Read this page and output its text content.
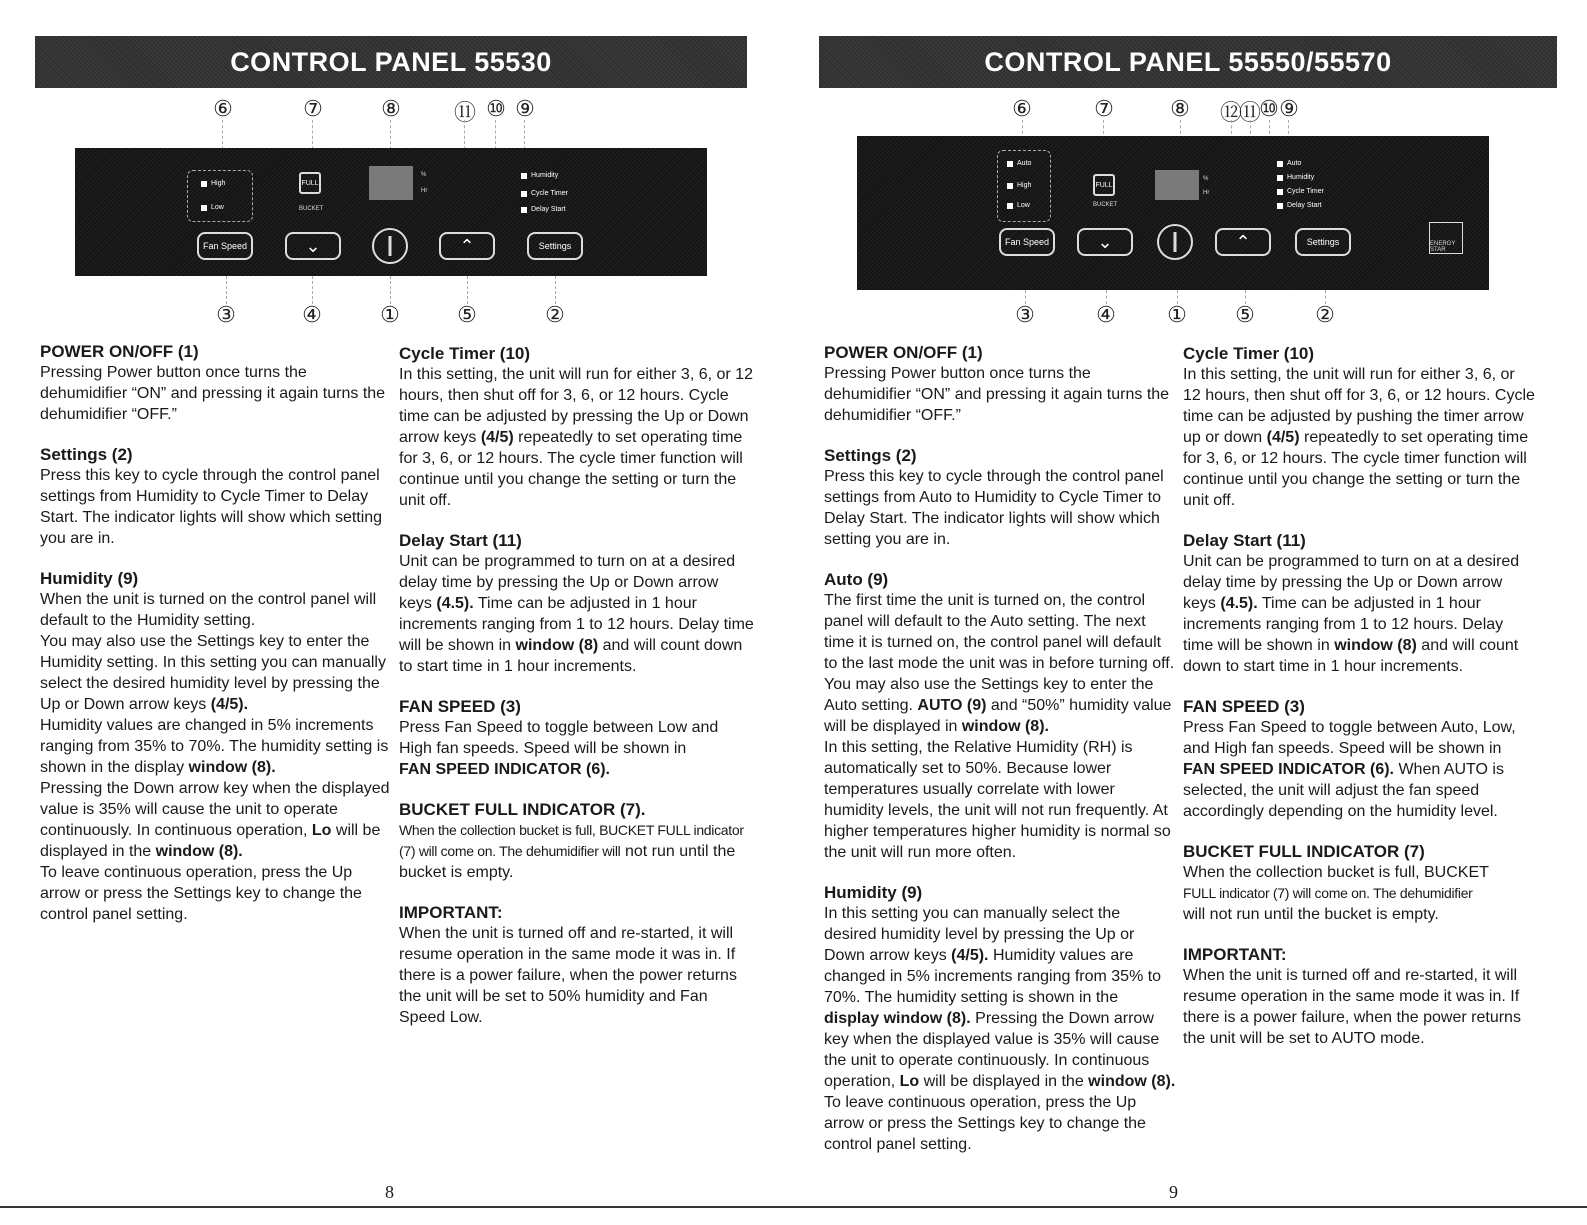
CONTROL PANEL 55530
⑥	⑦	⑧ ⑪ ⑩ ⑨
High
Low
FULL
BUCKET
%
Hr
Humidity
Cycle Timer
Delay Start
Fan Speed	⌄	⌃	Settings
③	④	①	⑤	②
POWER ON/OFF (1)

Pressing Power button once turns the dehumidifier “ON” and pressing it again turns the dehumidifier “OFF.”

Settings (2)

Press this key to cycle through the control panel settings from Humidity to Cycle Timer to Delay Start. The indicator lights will show which setting you are in.

Humidity (9)
When the unit is turned on the control panel will default to the Humidity setting.
You may also use the Settings key to enter the Humidity setting. In this setting you can manually select the desired humidity level by pressing the Up or Down arrow keys (4/5).
Humidity values are changed in 5% increments ranging from 35% to 70%. The humidity setting is shown in the display window (8).
Pressing the Down arrow key when the displayed value is 35% will cause the unit to operate continuously. In continuous operation, Lo will be displayed in the window (8).
To leave continuous operation, press the Up arrow or press the Settings key to change the control panel setting.
Cycle Timer (10)

In this setting, the unit will run for either 3, 6, or 12 hours, then shut off for 3, 6, or 12 hours. Cycle time can be adjusted by pressing the Up or Down arrow keys (4/5) repeatedly to set operating time for 3, 6, or 12 hours. The cycle timer function will continue until you change the setting or turn the unit off.

Delay Start (11)

Unit can be programmed to turn on at a desired delay time by pressing the Up or Down arrow keys (4.5). Time can be adjusted in 1 hour increments ranging from 1 to 12 hours. Delay time will be shown in window (8) and will count down to start time in 1 hour increments.

FAN SPEED (3)

Press Fan Speed to toggle between Low and High fan speeds. Speed will be shown in
FAN SPEED INDICATOR (6).

BUCKET FULL INDICATOR (7).

When the collection bucket is full, BUCKET FULL indicator (7) will come on. The dehumidifier will not run until the bucket is empty.

IMPORTANT:

When the unit is turned off and re-started, it will resume operation in the same mode it was in. If there is a power failure, when the power returns the unit will be set to 50% humidity and Fan Speed Low.

8
CONTROL PANEL 55550/55570
⑥	⑦	⑧ ⑫
⑪
⑩ ⑨
Auto
High
Low
FULL
BUCKET
%
Hr
Auto
Humidity
Cycle Timer
Delay Start
Fan Speed	⌄	⌃	Settings	ENERGY STAR
③	④ ① ⑤	②
POWER ON/OFF (1)

Pressing Power button once turns the dehumidifier “ON” and pressing it again turns the dehumidifier “OFF.”

Settings (2)

Press this key to cycle through the control panel settings from Auto to Humidity to Cycle Timer to Delay Start. The indicator lights will show which setting you are in.

Auto (9)

The first time the unit is turned on, the control panel will default to the Auto setting. The next time it is turned on, the control panel will default to the last mode the unit was in before turning off. You may also use the Settings key to enter the Auto setting. AUTO (9) and “50%” humidity value will be displayed in window (8).
In this setting, the Relative Humidity (RH) is automatically set to 50%. Because lower temperatures usually correlate with lower humidity levels, the unit will not run frequently. At higher temperatures higher humidity is normal so the unit will run more often.

Humidity (9)
In this setting you can manually select the desired humidity level by pressing the Up or Down arrow keys (4/5). Humidity values are changed in 5% increments ranging from 35% to 70%. The humidity setting is shown in the display window (8). Pressing the Down arrow key when the displayed value is 35% will cause the unit to operate continuously. In continuous operation, Lo will be displayed in the window (8). To leave continuous operation, press the Up arrow or press the Settings key to change the control panel setting.
Cycle Timer (10)

In this setting, the unit will run for either 3, 6, or 12 hours, then shut off for 3, 6, or 12 hours. Cycle time can be adjusted by pushing the timer arrow up or down (4/5) repeatedly to set operating time for 3, 6, or 12 hours. The cycle timer function will continue until you change the setting or turn the unit off.

Delay Start (11)

Unit can be programmed to turn on at a desired delay time by pressing the Up or Down arrow keys (4.5). Time can be adjusted in 1 hour increments ranging from 1 to 12 hours. Delay time will be shown in window (8) and will count down to start time in 1 hour increments.

FAN SPEED (3)

Press Fan Speed to toggle between Auto, Low, and High fan speeds. Speed will be shown in FAN SPEED INDICATOR (6). When AUTO is selected, the unit will adjust the fan speed accordingly depending on the humidity level.

BUCKET FULL INDICATOR (7)

When the collection bucket is full, BUCKET
FULL indicator (7) will come on. The dehumidifier
will not run until the bucket is empty.

IMPORTANT:

When the unit is turned off and re-started, it will resume operation in the same mode it was in. If there is a power failure, when the power returns the unit will be set to AUTO mode.

9
